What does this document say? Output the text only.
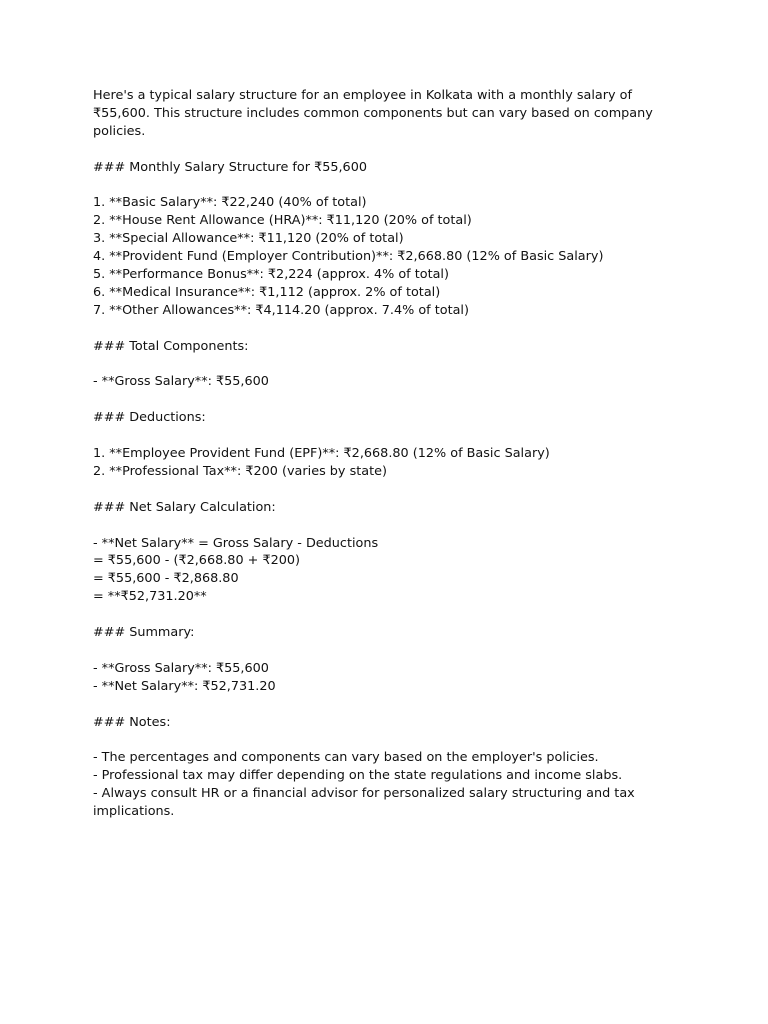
Here's a typical salary structure for an employee in Kolkata with a monthly salary of
₹55,600. This structure includes common components but can vary based on company
policies.
### Monthly Salary Structure for ₹55,600
1. **Basic Salary**: ₹22,240 (40% of total)
2. **House Rent Allowance (HRA)**: ₹11,120 (20% of total)
3. **Special Allowance**: ₹11,120 (20% of total)
4. **Provident Fund (Employer Contribution)**: ₹2,668.80 (12% of Basic Salary)
5. **Performance Bonus**: ₹2,224 (approx. 4% of total)
6. **Medical Insurance**: ₹1,112 (approx. 2% of total)
7. **Other Allowances**: ₹4,114.20 (approx. 7.4% of total)
### Total Components:
- **Gross Salary**: ₹55,600
### Deductions:
1. **Employee Provident Fund (EPF)**: ₹2,668.80 (12% of Basic Salary)
2. **Professional Tax**: ₹200 (varies by state)
### Net Salary Calculation:
- **Net Salary** = Gross Salary - Deductions
= ₹55,600 - (₹2,668.80 + ₹200)
= ₹55,600 - ₹2,868.80
= **₹52,731.20**
### Summary:
- **Gross Salary**: ₹55,600
- **Net Salary**: ₹52,731.20
### Notes:
- The percentages and components can vary based on the employer's policies.
- Professional tax may differ depending on the state regulations and income slabs.
- Always consult HR or a financial advisor for personalized salary structuring and tax
implications.
